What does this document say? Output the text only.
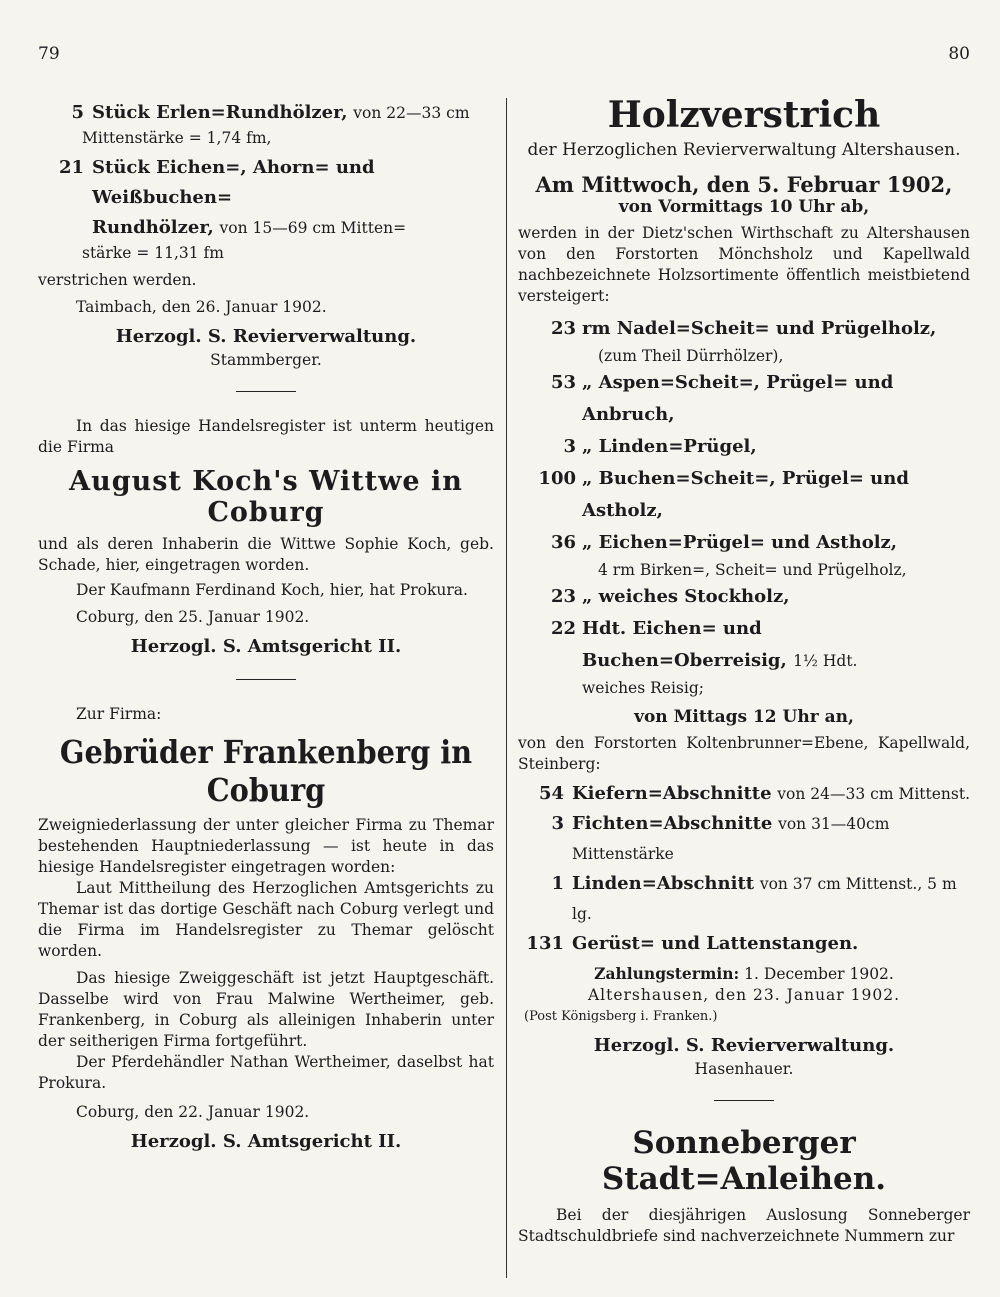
79	80
5 Stück Erlen=Rundhölzer, von 22—33 cm

Mittenstärke = 1,74 fm,

21 Stück Eichen=, Ahorn= und Weißbuchen=
Rundhölzer, von 15—69 cm Mitten=

stärke = 11,31 fm

verstrichen werden.

Taimbach, den 26. Januar 1902.

Herzogl. S. Revierverwaltung.
Stammberger.

In das hiesige Handelsregister ist unterm heutigen die Firma

August Koch's Wittwe in Coburg

und als deren Inhaberin die Wittwe Sophie Koch, geb. Schade, hier, eingetragen worden.

Der Kaufmann Ferdinand Koch, hier, hat Prokura.

Coburg, den 25. Januar 1902.

Herzogl. S. Amtsgericht II.

Zur Firma:

Gebrüder Frankenberg in Coburg

Zweigniederlassung der unter gleicher Firma zu Themar bestehenden Hauptniederlassung — ist heute in das hiesige Handelsregister eingetragen worden:

Laut Mittheilung des Herzoglichen Amtsgerichts zu Themar ist das dortige Geschäft nach Coburg verlegt und die Firma im Handelsregister zu Themar gelöscht worden.

Das hiesige Zweiggeschäft ist jetzt Hauptgeschäft. Dasselbe wird von Frau Malwine Wertheimer, geb. Frankenberg, in Coburg als alleinigen Inhaberin unter der seitherigen Firma fortgeführt.

Der Pferdehändler Nathan Wertheimer, daselbst hat Prokura.

Coburg, den 22. Januar 1902.

Herzogl. S. Amtsgericht II.
Holzverstrich
der Herzoglichen Revierverwaltung Altershausen.
Am Mittwoch, den 5. Februar 1902,
von Vormittags 10 Uhr ab,

werden in der Dietz'schen Wirthschaft zu Altershausen von den Forstorten Mönchsholz und Kapellwald nachbezeichnete Holzsortimente öffentlich meistbietend versteigert:

23 rm Nadel=Scheit= und Prügelholz,

(zum Theil Dürrhölzer),

53 „ Aspen=Scheit=, Prügel= und Anbruch,
3 „ Linden=Prügel,
100 „ Buchen=Scheit=, Prügel= und Astholz,
36 „ Eichen=Prügel= und Astholz,

4 rm Birken=, Scheit= und Prügelholz,

23 „ weiches Stockholz,
22 Hdt. Eichen= und Buchen=Oberreisig, 1½ Hdt.

weiches Reisig;

von Mittags 12 Uhr an,

von den Forstorten Koltenbrunner=Ebene, Kapellwald, Steinberg:

54 Kiefern=Abschnitte von 24—33 cm Mittenst.
3 Fichten=Abschnitte von 31—40cm Mittenstärke
1 Linden=Abschnitt von 37 cm Mittenst., 5 m lg.
131 Gerüst= und Lattenstangen.

Zahlungstermin: 1. December 1902.

Altershausen, den 23. Januar 1902.

(Post Königsberg i. Franken.)

Herzogl. S. Revierverwaltung.
Hasenhauer.
Sonneberger Stadt=Anleihen.

Bei der diesjährigen Auslosung Sonneberger Stadtschuldbriefe sind nachverzeichnete Nummern zur
